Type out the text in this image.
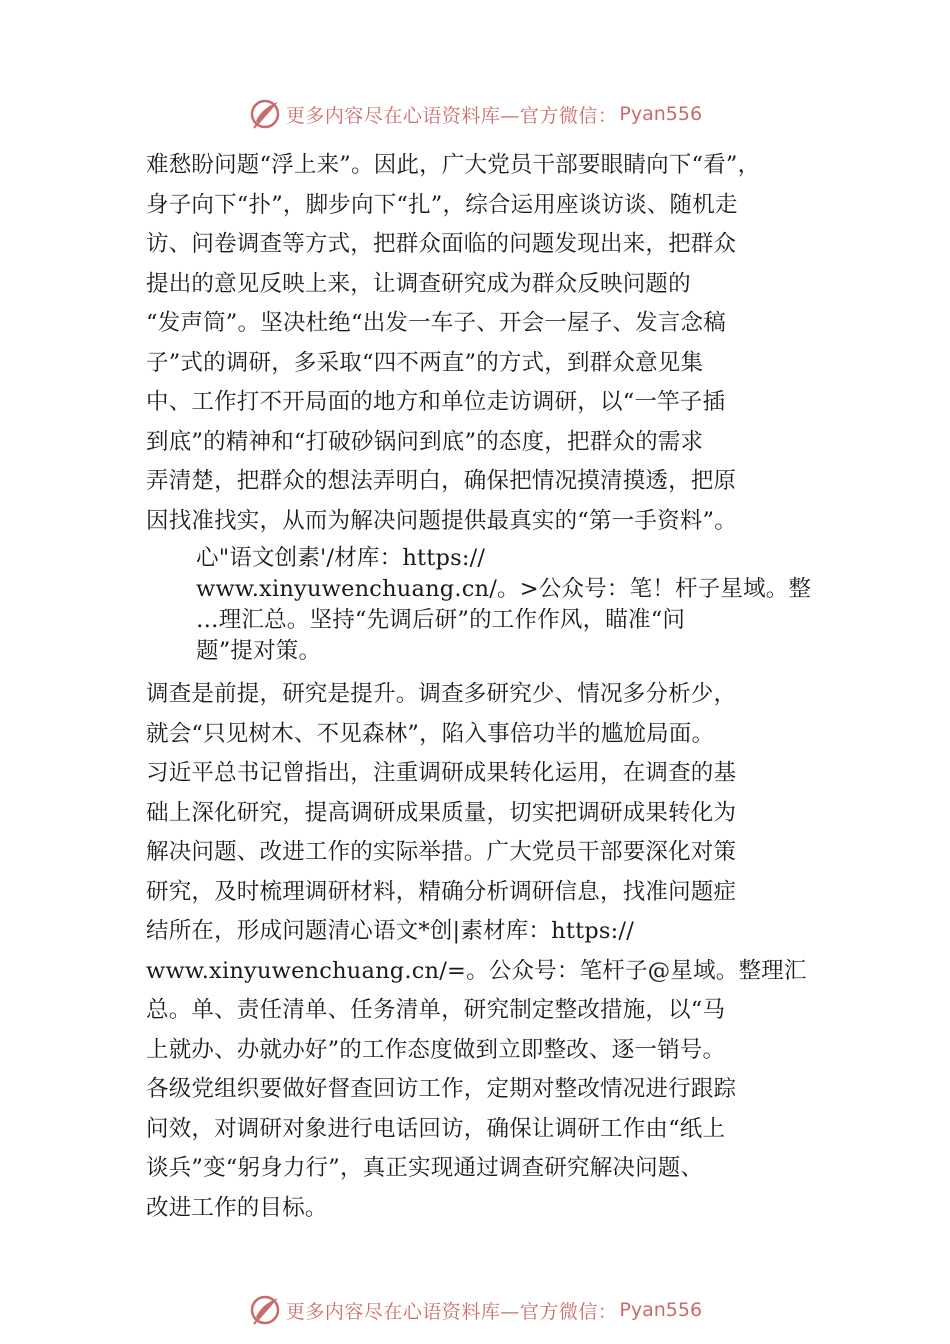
更多内容尽在心语资料库—官方微信： Pyan556
难愁盼问题“浮上来”。因此，广大党员干部要眼睛向下“看”，
身子向下“扑”，脚步向下“扎”，综合运用座谈访谈、随机走
访、问卷调查等方式，把群众面临的问题发现出来，把群众
提出的意见反映上来，让调查研究成为群众反映问题的
“发声筒”。坚决杜绝“出发一车子、开会一屋子、发言念稿
子”式的调研，多采取“四不两直”的方式，到群众意见集
中、工作打不开局面的地方和单位走访调研，以“一竿子插
到底”的精神和“打破砂锅问到底”的态度，把群众的需求
弄清楚，把群众的想法弄明白，确保把情况摸清摸透，把原
因找准找实，从而为解决问题提供最真实的“第一手资料”。
心"语文创素'/材库：https://
www.xinyuwenchuang.cn/。>公众号：笔！杆子星域。整
…理汇总。坚持“先调后研”的工作作风，瞄准“问
题”提对策。
调查是前提，研究是提升。调查多研究少、情况多分析少，
就会“只见树木、不见森林”，陷入事倍功半的尴尬局面。
习近平总书记曾指出，注重调研成果转化运用，在调查的基
础上深化研究，提高调研成果质量，切实把调研成果转化为
解决问题、改进工作的实际举措。广大党员干部要深化对策
研究，及时梳理调研材料，精确分析调研信息，找准问题症
结所在，形成问题清心语文*创|素材库：https://
www.xinyuwenchuang.cn/=。公众号：笔杆子@星域。整理汇
总。单、责任清单、任务清单，研究制定整改措施，以“马
上就办、办就办好”的工作态度做到立即整改、逐一销号。
各级党组织要做好督查回访工作，定期对整改情况进行跟踪
问效，对调研对象进行电话回访，确保让调研工作由“纸上
谈兵”变“躬身力行”，真正实现通过调查研究解决问题、
改进工作的目标。
更多内容尽在心语资料库—官方微信： Pyan556
